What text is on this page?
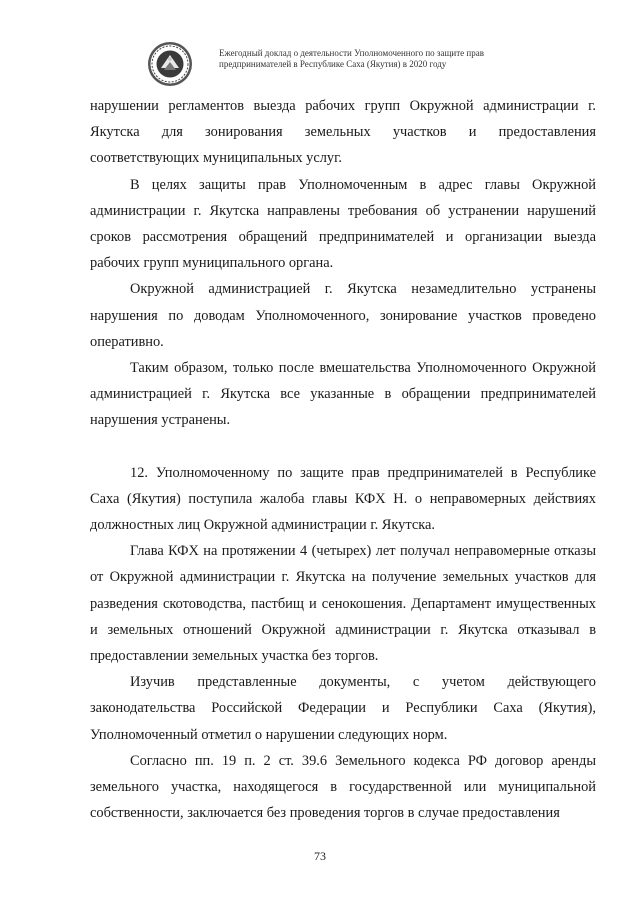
Ежегодный доклад о деятельности Уполномоченного по защите прав
предпринимателей в Республике Саха (Якутия) в 2020 году

нарушении регламентов выезда рабочих групп Окружной администрации г. Якутска для зонирования земельных участков и предоставления соответствующих муниципальных услуг.

В целях защиты прав Уполномоченным в адрес главы Окружной администрации г. Якутска направлены требования об устранении нарушений сроков рассмотрения обращений предпринимателей и организации выезда рабочих групп муниципального органа.

Окружной администрацией г. Якутска незамедлительно устранены нарушения по доводам Уполномоченного, зонирование участков проведено оперативно.

Таким образом, только после вмешательства Уполномоченного Окружной администрацией г. Якутска все указанные в обращении предпринимателей нарушения устранены.

12. Уполномоченному по защите прав предпринимателей в Республике Саха (Якутия) поступила жалоба главы КФХ Н. о неправомерных действиях должностных лиц Окружной администрации г. Якутска.

Глава КФХ на протяжении 4 (четырех) лет получал неправомерные отказы от Окружной администрации г. Якутска на получение земельных участков для разведения скотоводства, пастбищ и сенокошения. Департамент имущественных и земельных отношений Окружной администрации г. Якутска отказывал в предоставлении земельных участка без торгов.

Изучив представленные документы, с учетом действующего законодательства Российской Федерации и Республики Саха (Якутия), Уполномоченный отметил о нарушении следующих норм.

Согласно пп. 19 п. 2 ст. 39.6 Земельного кодекса РФ договор аренды земельного участка, находящегося в государственной или муниципальной собственности, заключается без проведения торгов в случае предоставления

73
